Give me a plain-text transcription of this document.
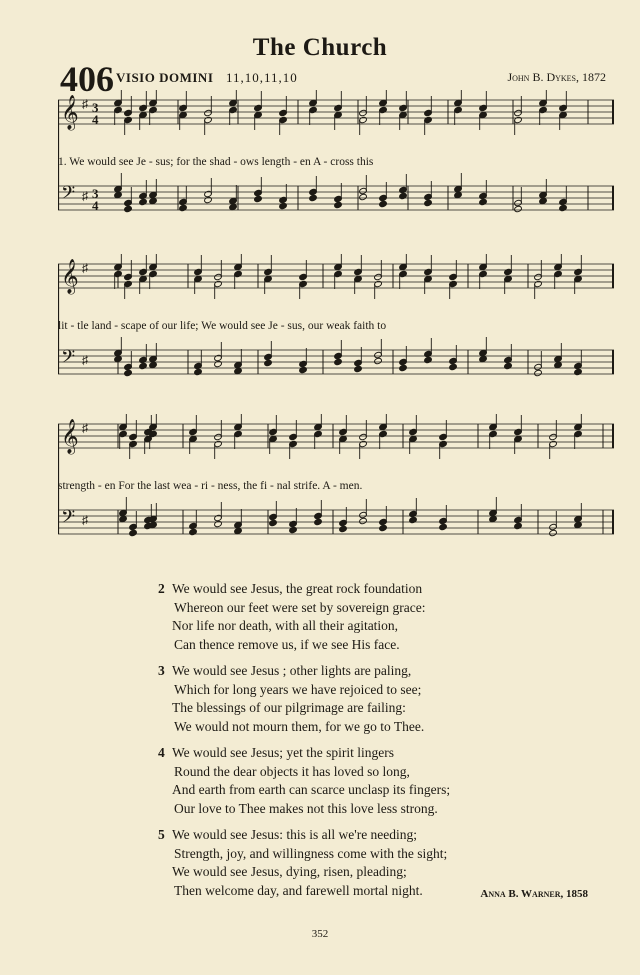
The Church
406 VISIO DOMINI 11,10,11,10	John B. Dykes, 1872
𝄞 ♯ 3
4
𝄢 ♯ 3
4
1. We would see Je - sus; for the shad - ows length - en A - cross this
𝄞 ♯
𝄢 ♯
lit - tle land - scape of our life; We would see Je - sus, our weak faith to
𝄞 ♯
𝄢 ♯
strength - en For the last wea - ri - ness, the fi - nal strife. A - men.
2 We would see Jesus, the great rock foundation
Whereon our feet were set by sovereign grace:
Nor life nor death, with all their agitation,
Can thence remove us, if we see His face.
3 We would see Jesus ; other lights are paling,
Which for long years we have rejoiced to see;
The blessings of our pilgrimage are failing:
We would not mourn them, for we go to Thee.
4 We would see Jesus; yet the spirit lingers
Round the dear objects it has loved so long,
And earth from earth can scarce unclasp its fingers;
Our love to Thee makes not this love less strong.
5 We would see Jesus: this is all we're needing;
Strength, joy, and willingness come with the sight;
We would see Jesus, dying, risen, pleading;
Then welcome day, and farewell mortal night.	Anna B. Warner, 1858
352
